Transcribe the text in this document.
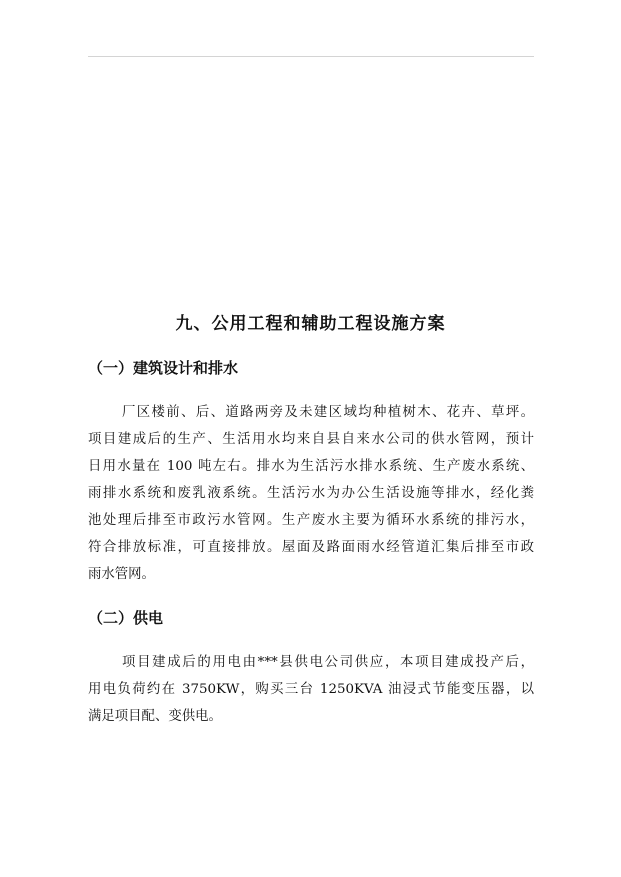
九、公用工程和辅助工程设施方案
（一）建筑设计和排水
厂区楼前、后、道路两旁及未建区域均种植树木、花卉、草坪。
项目建成后的生产、生活用水均来自县自来水公司的供水管网，预计
日用水量在 100 吨左右。排水为生活污水排水系统、生产废水系统、
雨排水系统和废乳液系统。生活污水为办公生活设施等排水，经化粪
池处理后排至市政污水管网。生产废水主要为循环水系统的排污水，
符合排放标准，可直接排放。屋面及路面雨水经管道汇集后排至市政
雨水管网。
（二）供电
项目建成后的用电由***县供电公司供应，本项目建成投产后，
用电负荷约在 3750KW，购买三台 1250KVA 油浸式节能变压器，以
满足项目配、变供电。
